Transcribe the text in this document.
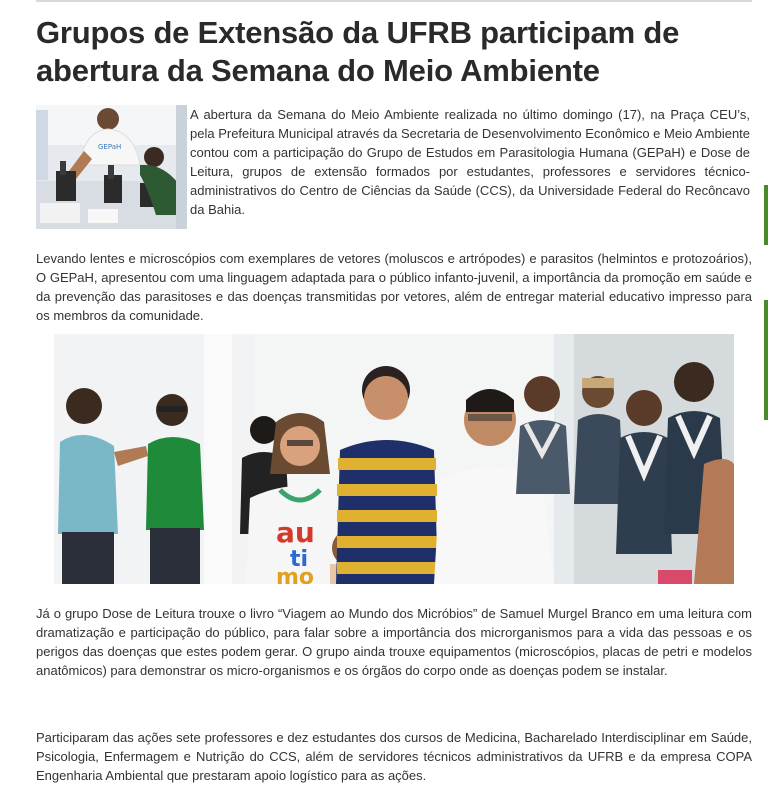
Grupos de Extensão da UFRB participam de abertura da Semana do Meio Ambiente
GEPaH

A abertura da Semana do Meio Ambiente realizada no último domingo (17), na Praça CEU’s, pela Prefeitura Municipal através da Secretaria de Desenvolvimento Econômico e Meio Ambiente contou com a participação do Grupo de Estudos em Parasitologia Humana (GEPaH) e Dose de Leitura, grupos de extensão formados por estudantes, professores e servidores técnico-administrativos do Centro de Ciências da Saúde (CCS), da Universidade Federal do Recôncavo da Bahia.

Levando lentes e microscópios com exemplares de vetores (moluscos e artrópodes) e parasitos (helmintos e protozoários), O GEPaH, apresentou com uma linguagem adaptada para o público infanto-juvenil, a importância da promoção em saúde e da prevenção das parasitoses e das doenças transmitidas por vetores, além de entregar material educativo impresso para os membros da comunidade.

au
ti
mo

Já o grupo Dose de Leitura trouxe o livro “Viagem ao Mundo dos Micróbios” de Samuel Murgel Branco em uma leitura com dramatização e participação do público, para falar sobre a importância dos microrganismos para a vida das pessoas e os perigos das doenças que estes podem gerar. O grupo ainda trouxe equipamentos (microscópios, placas de petri e modelos anatômicos) para demonstrar os micro-organismos e os órgãos do corpo onde as doenças podem se instalar.

Participaram das ações sete professores e dez estudantes dos cursos de Medicina, Bacharelado Interdisciplinar em Saúde, Psicologia, Enfermagem e Nutrição do CCS, além de servidores técnicos administrativos da UFRB e da empresa COPA Engenharia Ambiental que prestaram apoio logístico para as ações.
